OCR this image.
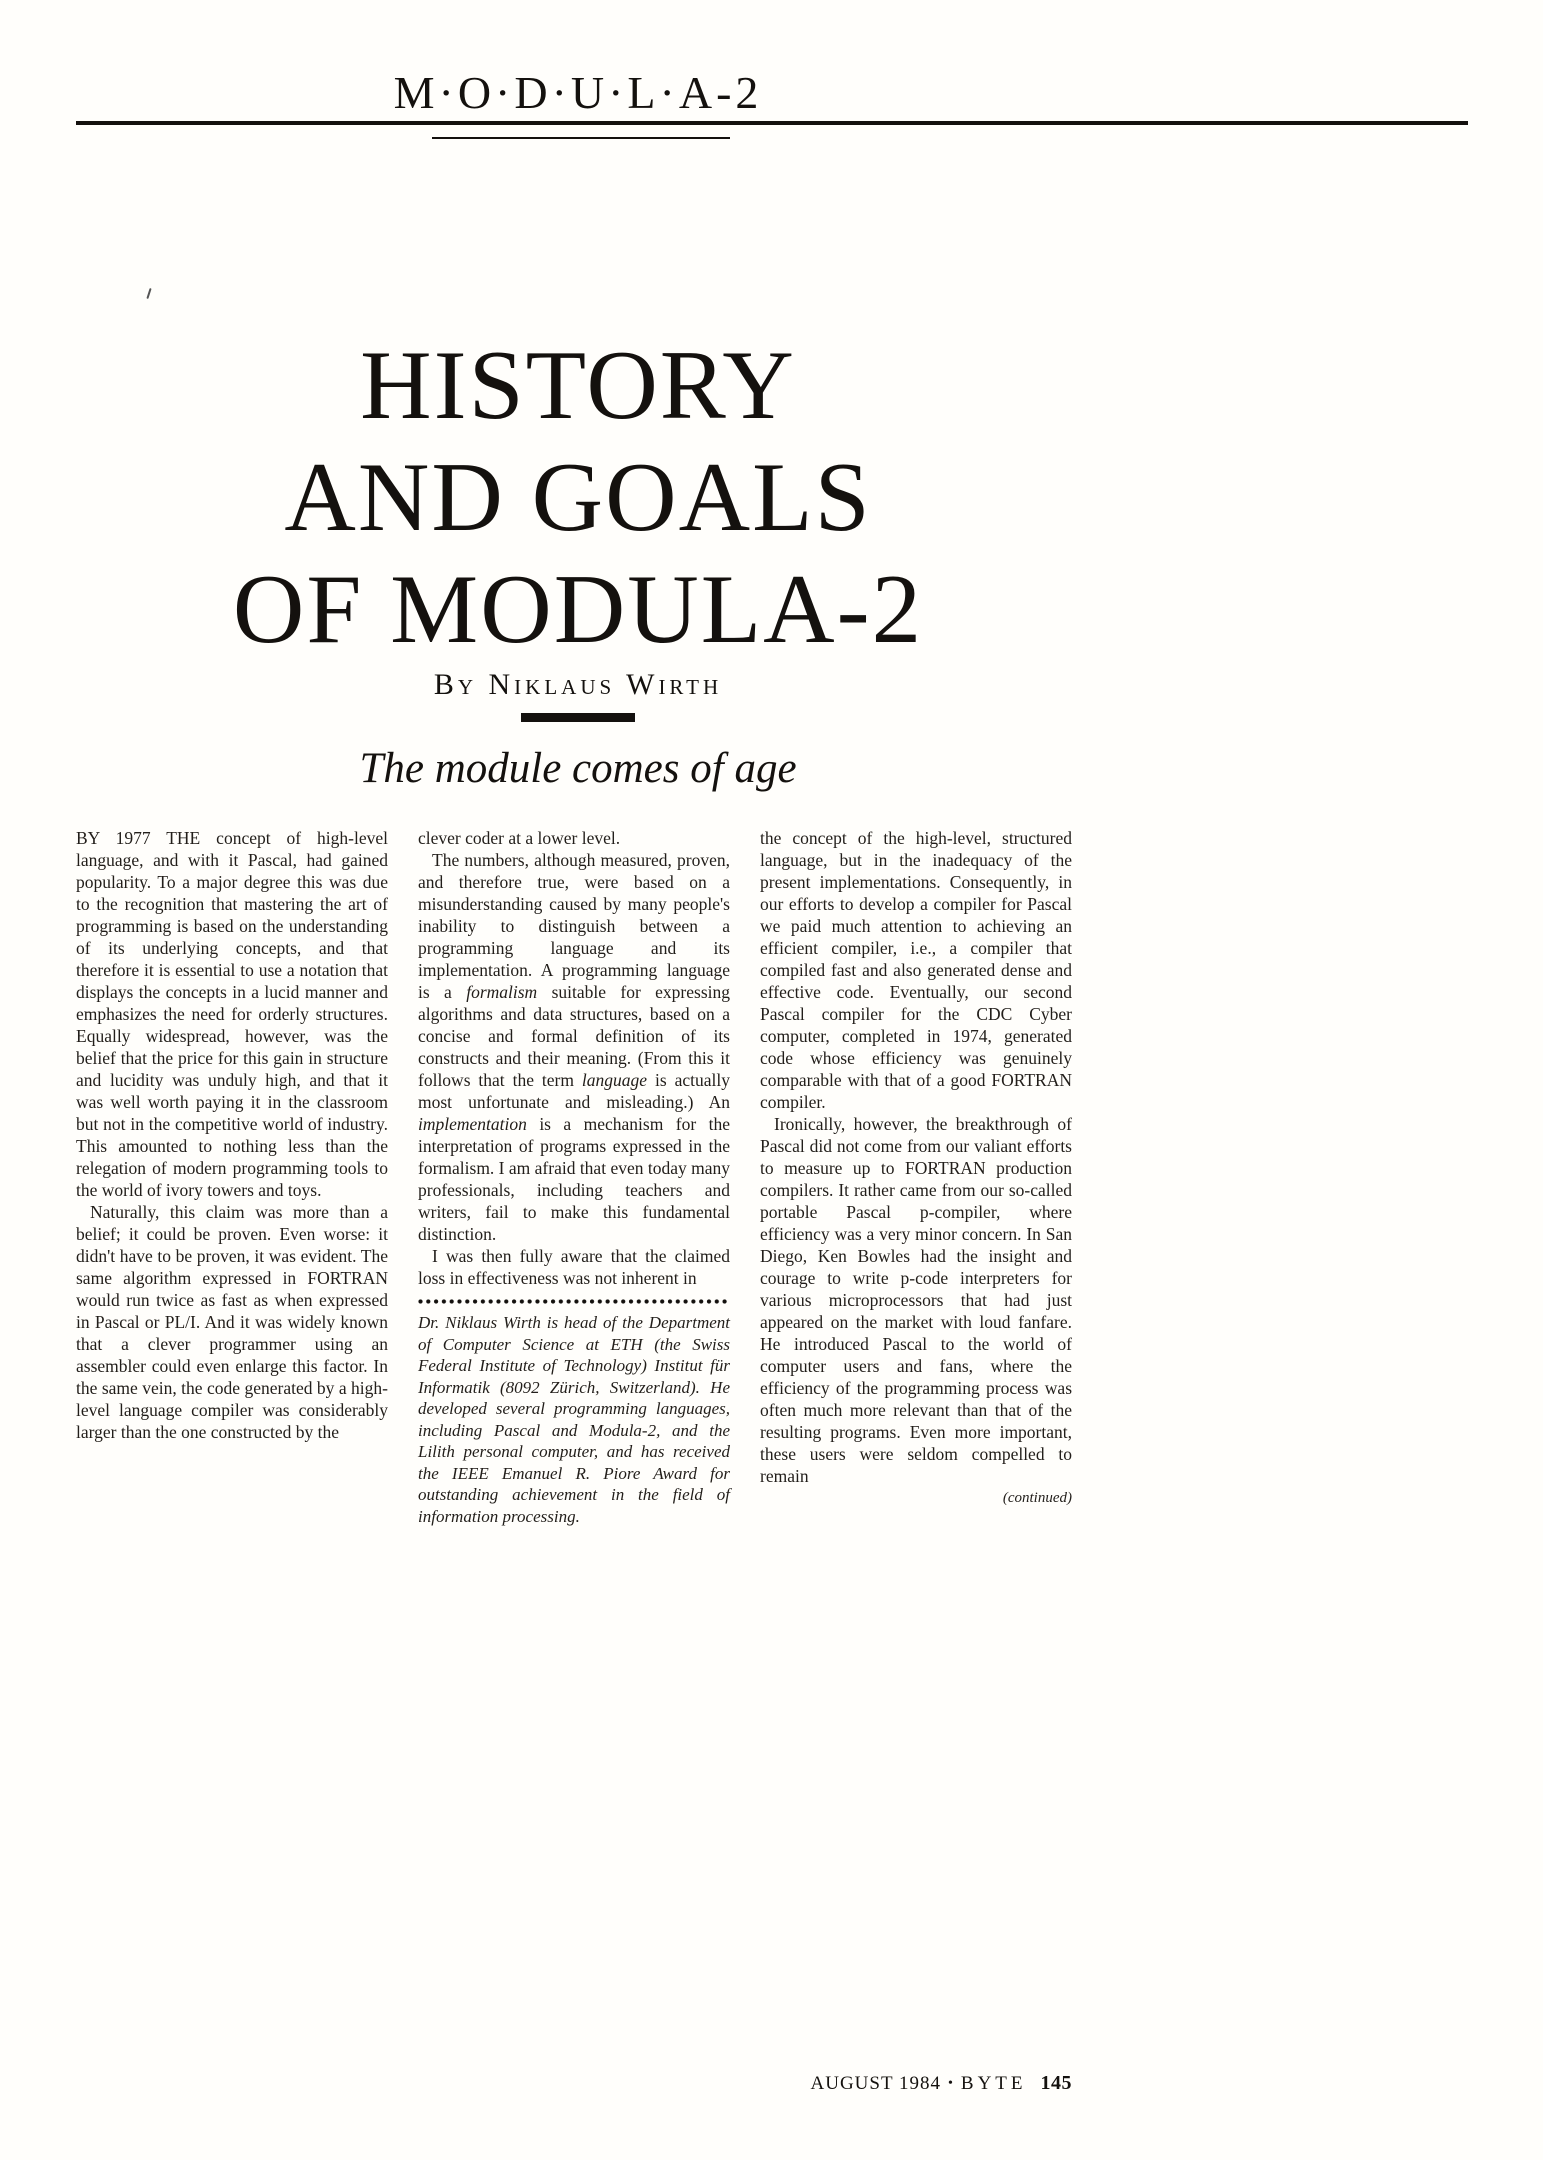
M·O·D·U·L·A-2
HISTORY
AND GOALS
OF MODULA-2
By Niklaus Wirth
The module comes of age

BY 1977 THE concept of high-level language, and with it Pascal, had gained popularity. To a major degree this was due to the recognition that mastering the art of programming is based on the understanding of its underlying concepts, and that therefore it is essential to use a notation that displays the concepts in a lucid manner and emphasizes the need for orderly structures. Equally widespread, however, was the belief that the price for this gain in structure and lucidity was unduly high, and that it was well worth paying it in the classroom but not in the competitive world of industry. This amounted to nothing less than the relegation of modern programming tools to the world of ivory towers and toys.

Naturally, this claim was more than a belief; it could be proven. Even worse: it didn't have to be proven, it was evident. The same algorithm expressed in FORTRAN would run twice as fast as when expressed in Pascal or PL/I. And it was widely known that a clever programmer using an assembler could even enlarge this factor. In the same vein, the code generated by a high-level language compiler was considerably larger than the one constructed by the

clever coder at a lower level.

The numbers, although measured, proven, and therefore true, were based on a misunderstanding caused by many people's inability to distinguish between a programming language and its implementation. A programming language is a formalism suitable for expressing algorithms and data structures, based on a concise and formal definition of its constructs and their meaning. (From this it follows that the term language is actually most unfortunate and misleading.) An implementation is a mechanism for the interpretation of programs expressed in the formalism. I am afraid that even today many professionals, including teachers and writers, fail to make this fundamental distinction.

I was then fully aware that the claimed loss in effectiveness was not inherent in

Dr. Niklaus Wirth is head of the Department of Computer Science at ETH (the Swiss Federal Institute of Technology) Institut für Informatik (8092 Zürich, Switzerland). He developed several programming languages, including Pascal and Modula-2, and the Lilith personal computer, and has received the IEEE Emanuel R. Piore Award for outstanding achievement in the field of information processing.

the concept of the high-level, structured language, but in the inadequacy of the present implementations. Consequently, in our efforts to develop a compiler for Pascal we paid much attention to achieving an efficient compiler, i.e., a compiler that compiled fast and also generated dense and effective code. Eventually, our second Pascal compiler for the CDC Cyber computer, completed in 1974, generated code whose efficiency was genuinely comparable with that of a good FORTRAN compiler.

Ironically, however, the breakthrough of Pascal did not come from our valiant efforts to measure up to FORTRAN production compilers. It rather came from our so-called portable Pascal p-compiler, where efficiency was a very minor concern. In San Diego, Ken Bowles had the insight and courage to write p-code interpreters for various microprocessors that had just appeared on the market with loud fanfare. He introduced Pascal to the world of computer users and fans, where the efficiency of the programming process was often much more relevant than that of the resulting programs. Even more important, these users were seldom compelled to remain

(continued)
AUGUST 1984 • BYTE 145
